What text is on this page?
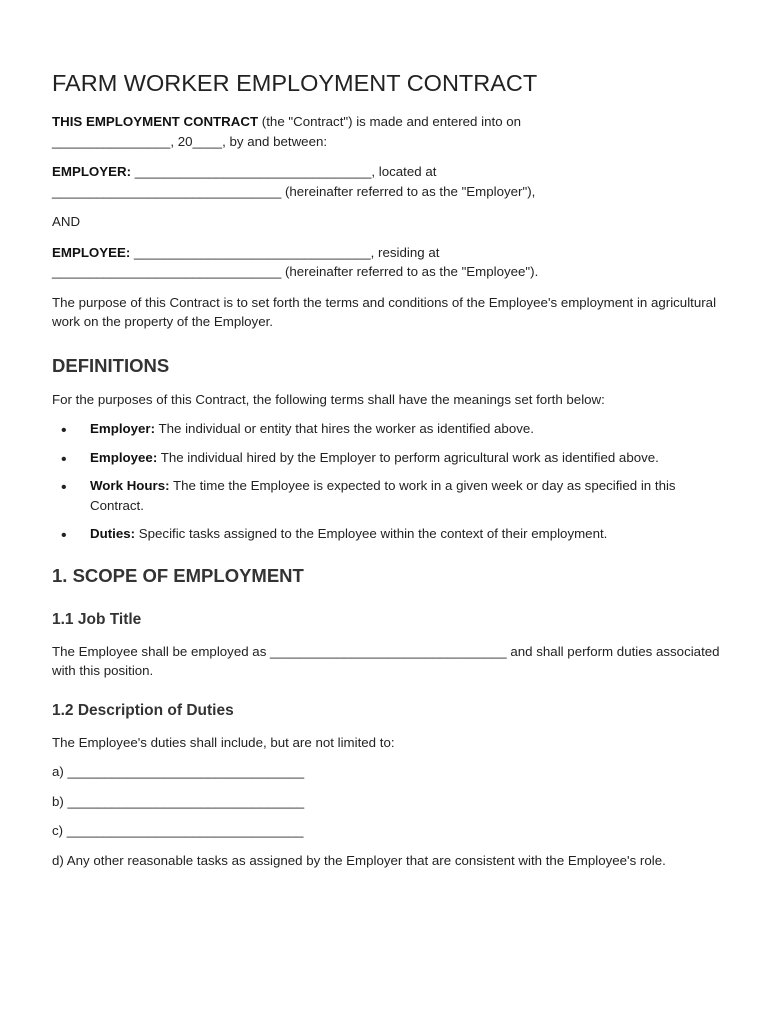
FARM WORKER EMPLOYMENT CONTRACT

THIS EMPLOYMENT CONTRACT (the "Contract") is made and entered into on
________________, 20____, by and between:

EMPLOYER: ________________________________, located at
_______________________________ (hereinafter referred to as the "Employer"),

AND

EMPLOYEE: ________________________________, residing at
_______________________________ (hereinafter referred to as the "Employee").

The purpose of this Contract is to set forth the terms and conditions of the Employee's employment in agricultural work on the property of the Employer.

DEFINITIONS

For the purposes of this Contract, the following terms shall have the meanings set forth below:

• Employer: The individual or entity that hires the worker as identified above.
• Employee: The individual hired by the Employer to perform agricultural work as identified above.
• Work Hours: The time the Employee is expected to work in a given week or day as specified in this Contract.
• Duties: Specific tasks assigned to the Employee within the context of their employment.
1. SCOPE OF EMPLOYMENT
1.1 Job Title

The Employee shall be employed as ________________________________ and shall perform duties associated with this position.

1.2 Description of Duties

The Employee's duties shall include, but are not limited to:

a) ________________________________

b) ________________________________

c) ________________________________

d) Any other reasonable tasks as assigned by the Employer that are consistent with the Employee's role.
